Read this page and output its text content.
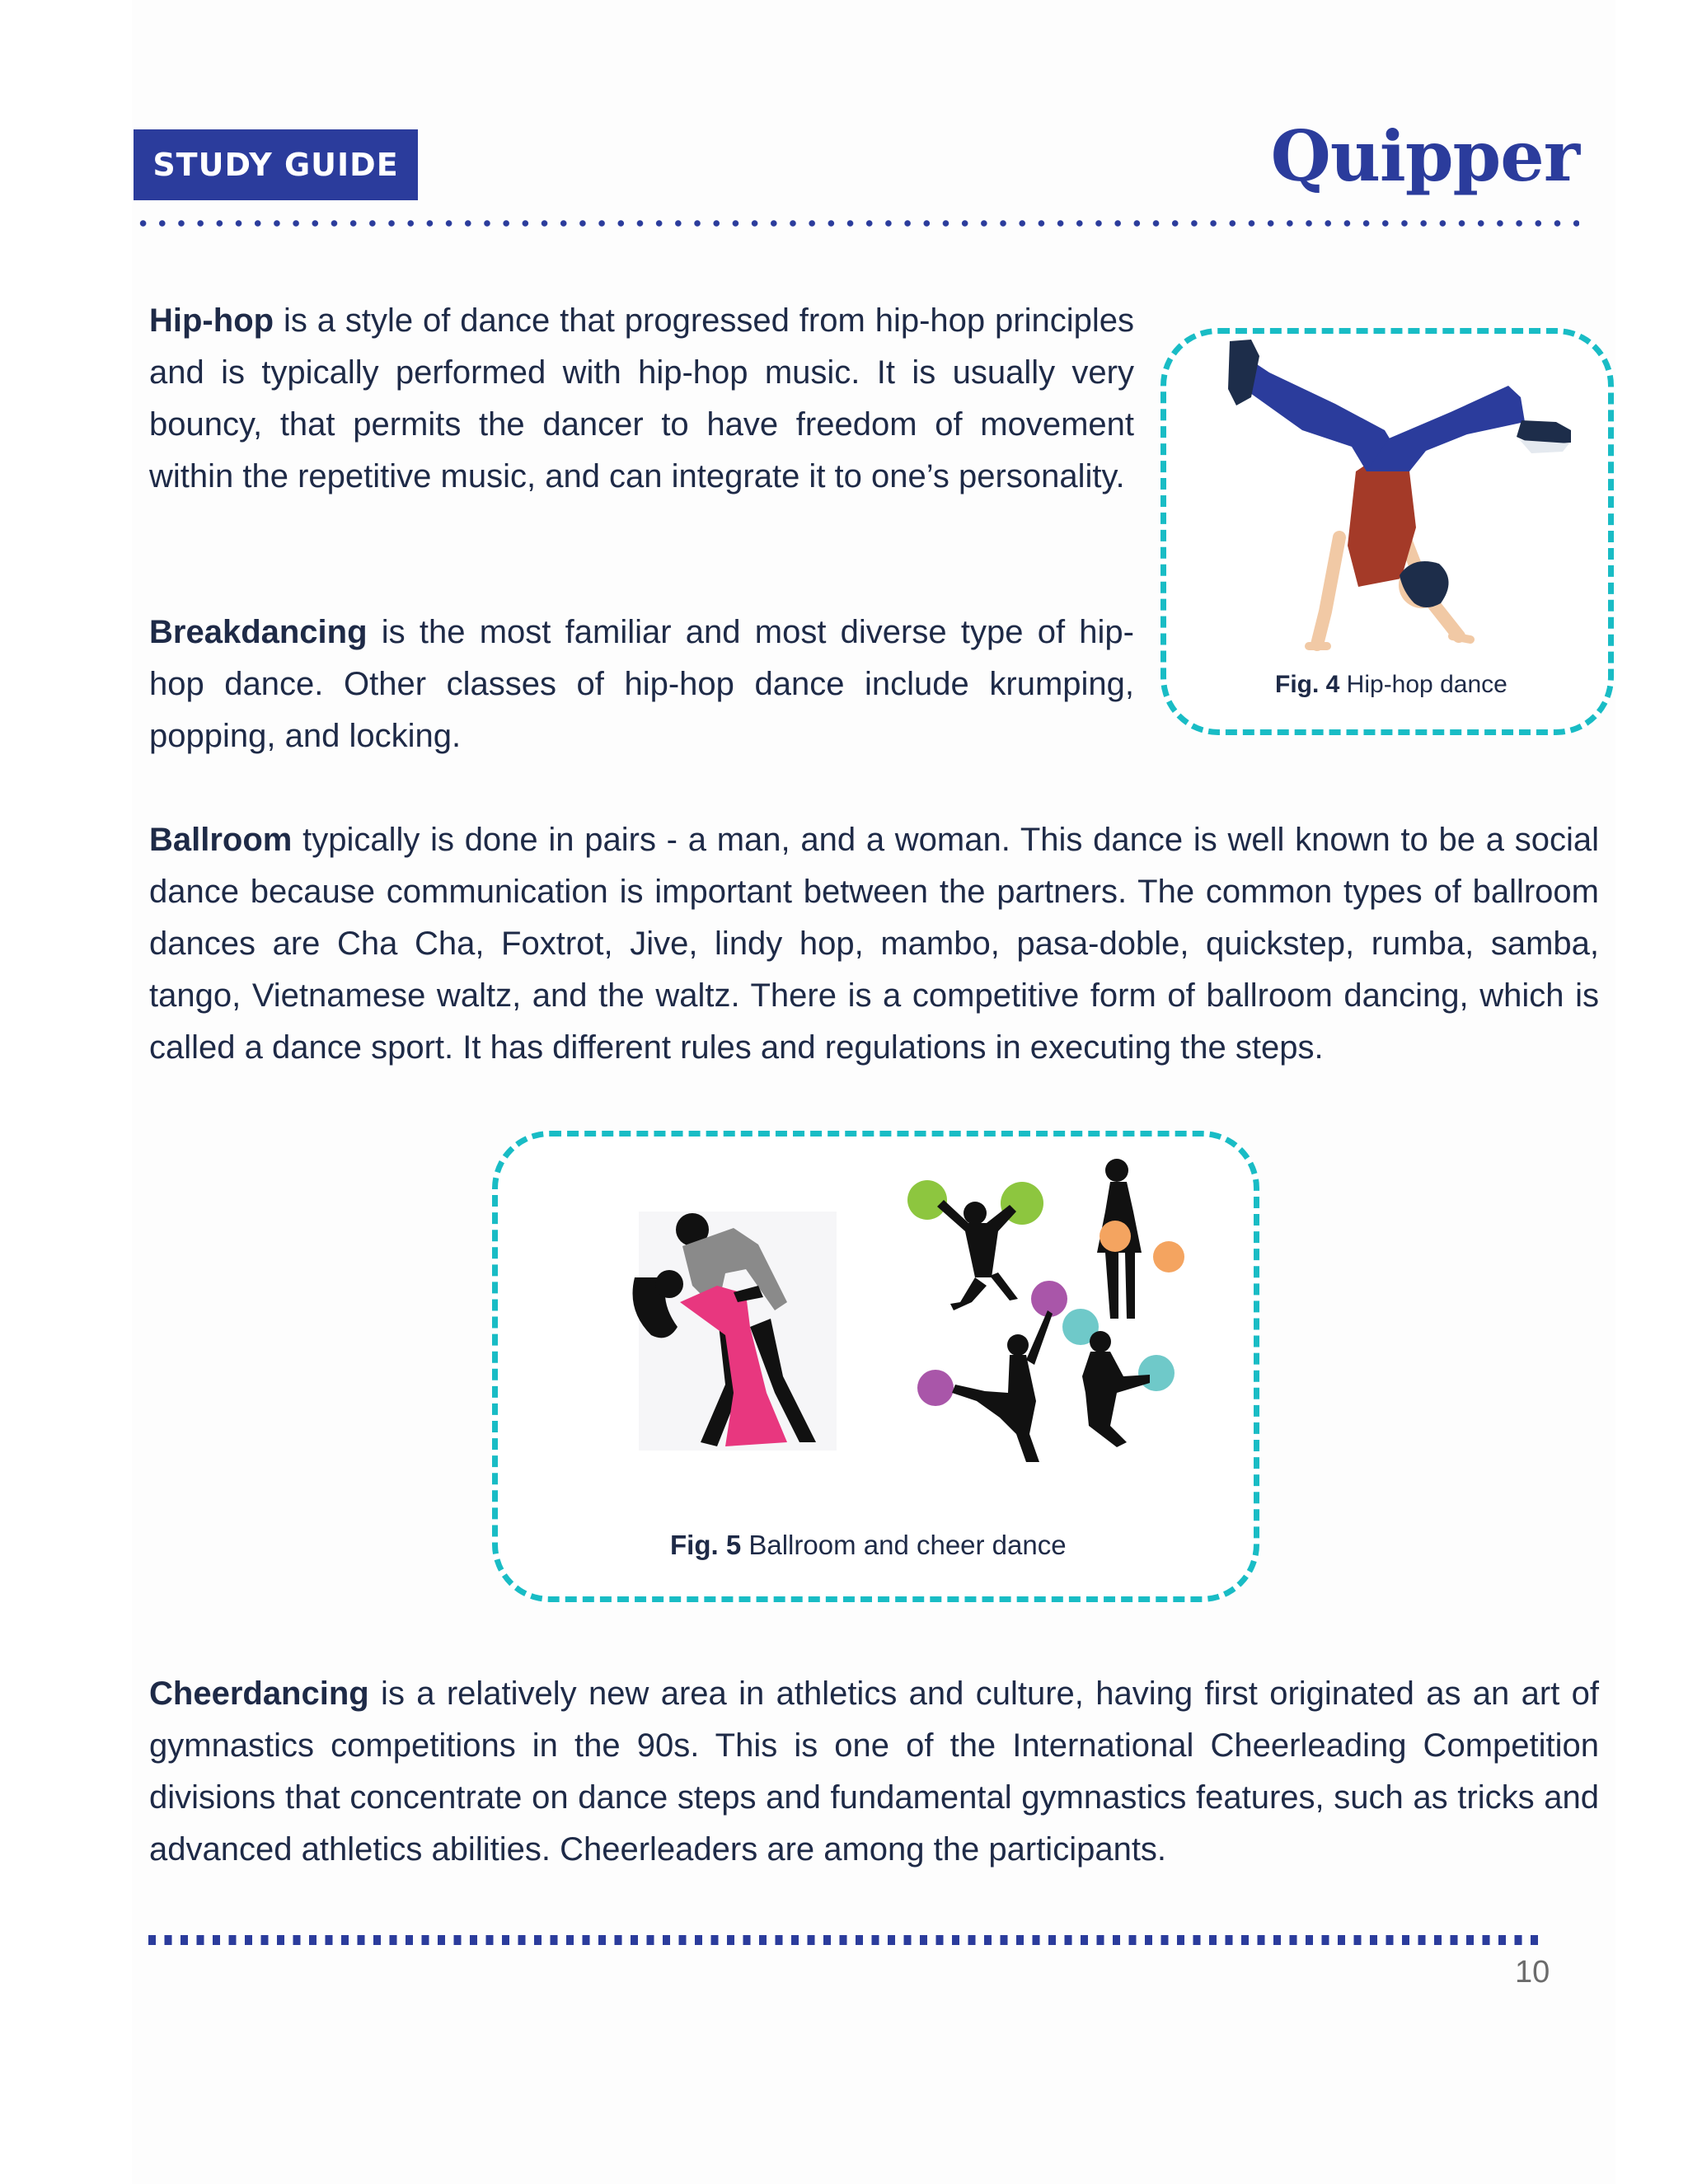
STUDY GUIDE	Quipper

Hip-hop is a style of dance that progressed from hip-hop principles and is typically performed with hip-hop music. It is usually very bouncy, that permits the dancer to have freedom of movement within the repetitive music, and can integrate it to one’s personality.

Breakdancing is the most familiar and most diverse type of hip-hop dance. Other classes of hip-hop dance include krumping, popping, and locking.

Fig. 4 Hip-hop dance

Ballroom typically is done in pairs - a man, and a woman. This dance is well known to be a social dance because communication is important between the partners. The common types of ballroom dances are Cha Cha, Foxtrot, Jive, lindy hop, mambo, pasa-doble, quickstep, rumba, samba, tango, Vietnamese waltz, and the waltz. There is a competitive form of ballroom dancing, which is called a dance sport. It has different rules and regulations in executing the steps.

Fig. 5 Ballroom and cheer dance

Cheerdancing is a relatively new area in athletics and culture, having first originated as an art of gymnastics competitions in the 90s. This is one of the International Cheerleading Competition divisions that concentrate on dance steps and fundamental gymnastics features, such as tricks and advanced athletics abilities. Cheerleaders are among the participants.

10
